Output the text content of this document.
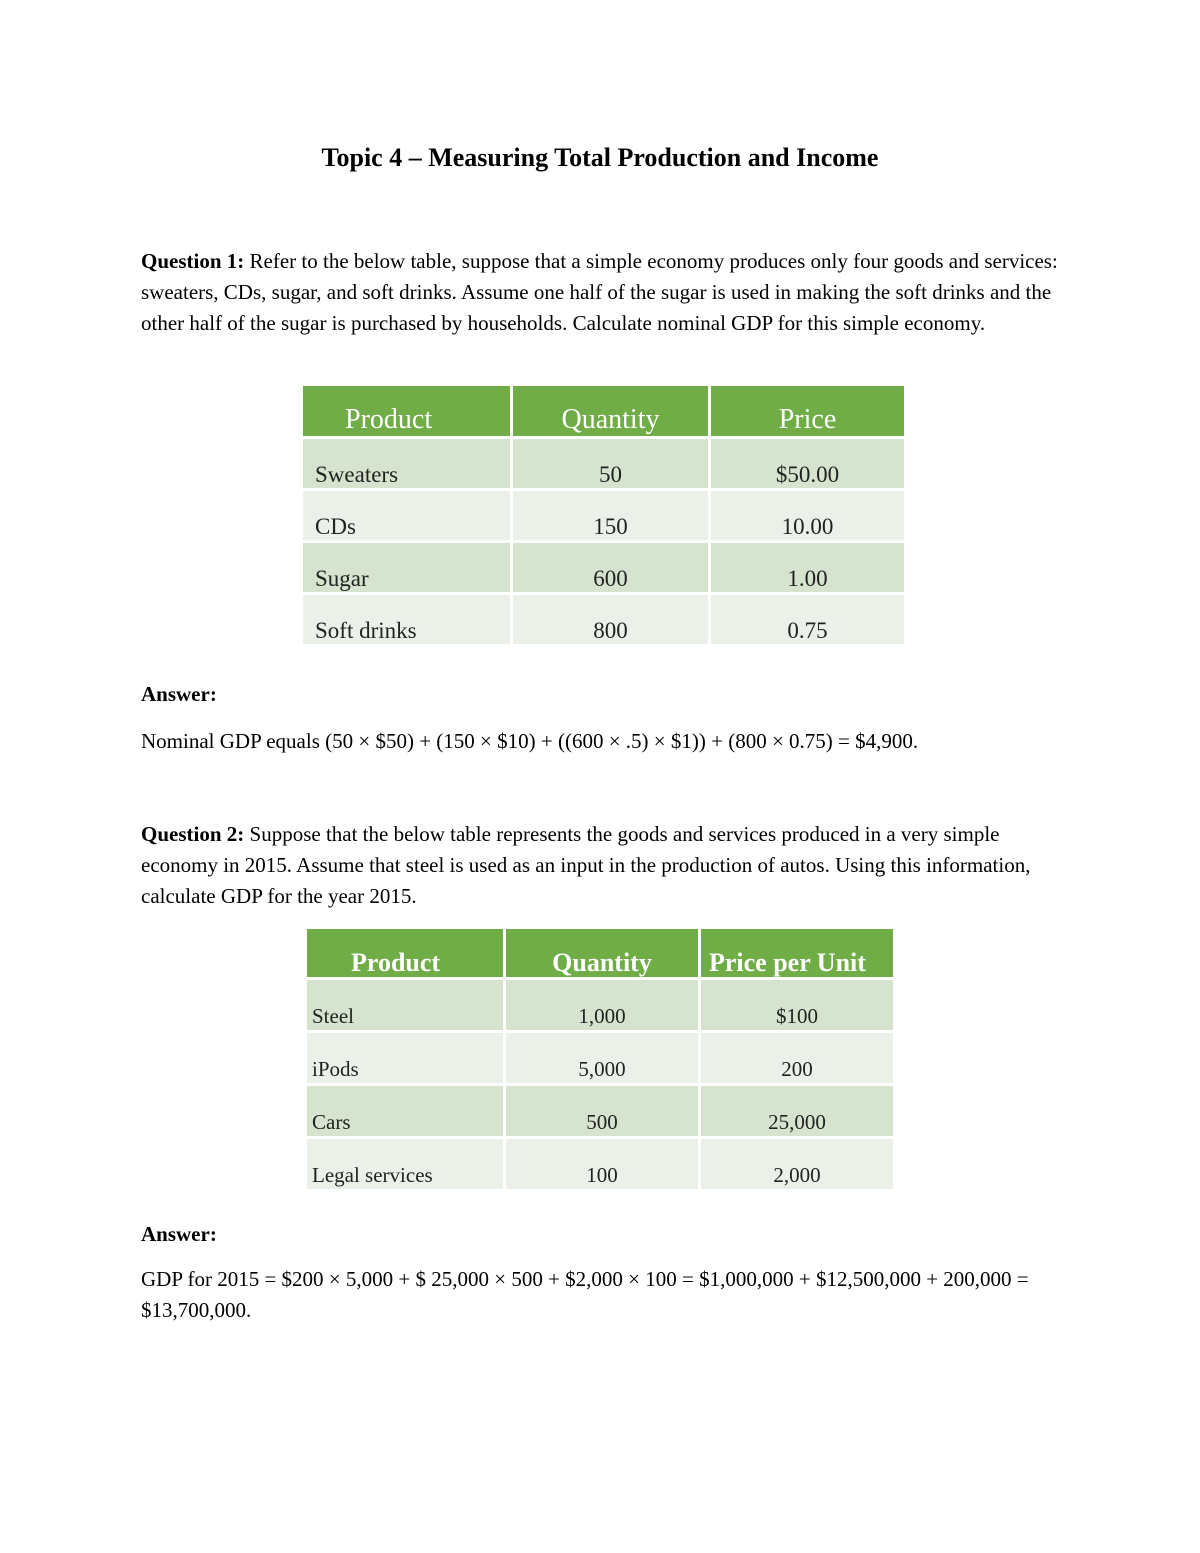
Topic 4 – Measuring Total Production and Income
Question 1: Refer to the below table, suppose that a simple economy produces only four goods and services: sweaters, CDs, sugar, and soft drinks. Assume one half of the sugar is used in making the soft drinks and the other half of the sugar is purchased by households. Calculate nominal GDP for this simple economy.
Product	Quantity	Price
Sweaters	50	$50.00
CDs	150	10.00
Sugar	600	1.00
Soft drinks	800	0.75
Answer:
Nominal GDP equals (50 × $50) + (150 × $10) + ((600 × .5) × $1)) + (800 × 0.75) = $4,900.
Question 2: Suppose that the below table represents the goods and services produced in a very simple economy in 2015. Assume that steel is used as an input in the production of autos. Using this information, calculate GDP for the year 2015.
Product	Quantity	Price per Unit
Steel	1,000	$100
iPods	5,000	200
Cars	500	25,000
Legal services	100	2,000
Answer:
GDP for 2015 = $200 × 5,000 + $ 25,000 × 500 + $2,000 × 100 = $1,000,000 + $12,500,000 + 200,000 = $13,700,000.
